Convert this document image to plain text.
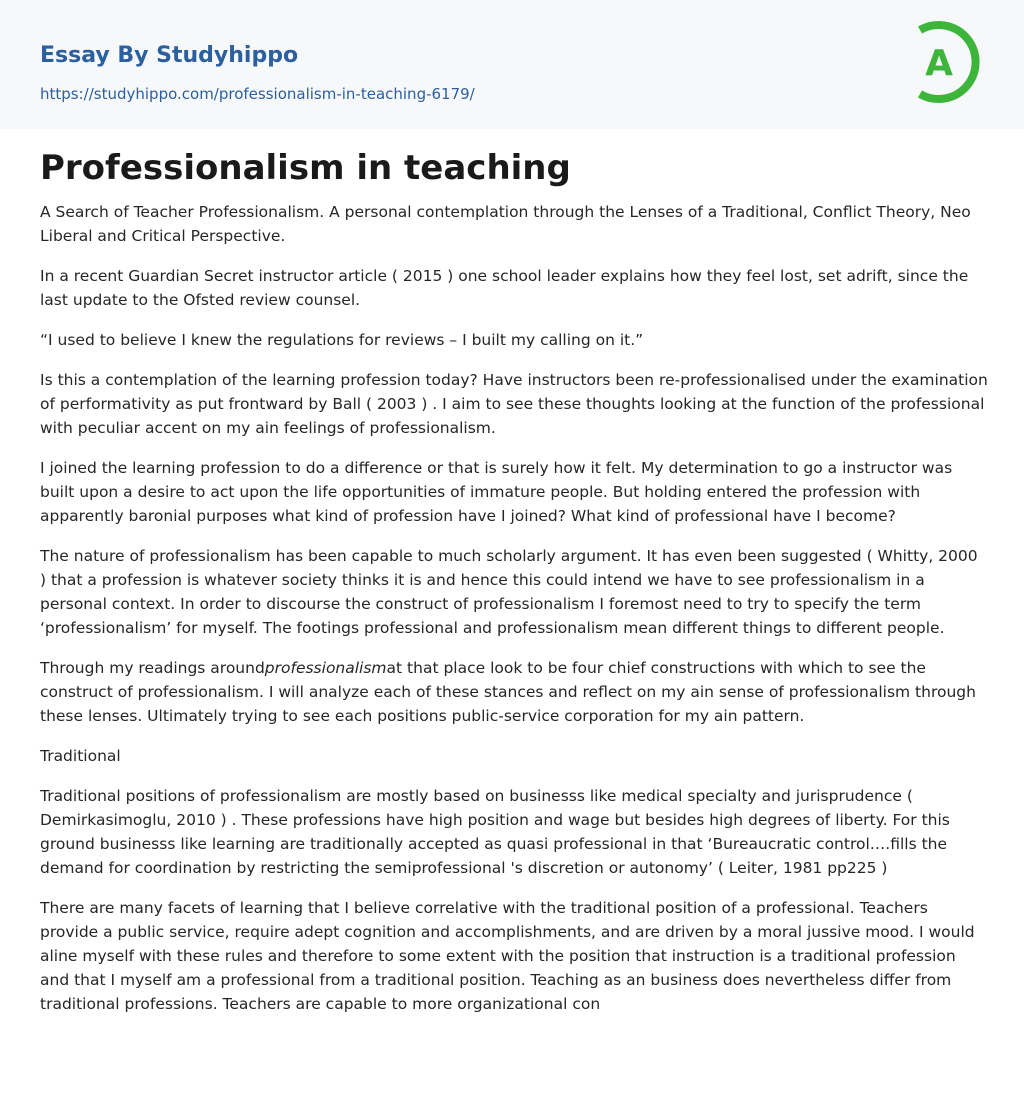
Essay By Studyhippo
https://studyhippo.com/professionalism-in-teaching-6179/
A
Professionalism in teaching

A Search of Teacher Professionalism. A personal contemplation through the Lenses of a Traditional, Conflict Theory, Neo Liberal and Critical Perspective.

In a recent Guardian Secret instructor article ( 2015 ) one school leader explains how they feel lost, set adrift, since the last update to the Ofsted review counsel.

“I used to believe I knew the regulations for reviews – I built my calling on it.”

Is this a contemplation of the learning profession today? Have instructors been re-professionalised under the examination of performativity as put frontward by Ball ( 2003 ) . I aim to see these thoughts looking at the function of the professional with peculiar accent on my ain feelings of professionalism.

I joined the learning profession to do a difference or that is surely how it felt. My determination to go a instructor was built upon a desire to act upon the life opportunities of immature people. But holding entered the profession with apparently baronial purposes what kind of profession have I joined? What kind of professional have I become?

The nature of professionalism has been capable to much scholarly argument. It has even been suggested ( Whitty, 2000 ) that a profession is whatever society thinks it is and hence this could intend we have to see professionalism in a personal context. In order to discourse the construct of professionalism I foremost need to try to specify the term ‘professionalism’ for myself. The footings professional and professionalism mean different things to different people.

Through my readings aroundprofessionalismat that place look to be four chief constructions with which to see the construct of professionalism. I will analyze each of these stances and reflect on my ain sense of professionalism through these lenses. Ultimately trying to see each positions public-service corporation for my ain pattern.

Traditional

Traditional positions of professionalism are mostly based on businesss like medical specialty and jurisprudence ( Demirkasimoglu, 2010 ) . These professions have high position and wage but besides high degrees of liberty. For this ground businesss like learning are traditionally accepted as quasi professional in that ‘Bureaucratic control….fills the demand for coordination by restricting the semiprofessional 's discretion or autonomy’ ( Leiter, 1981 pp225 )

There are many facets of learning that I believe correlative with the traditional position of a professional. Teachers provide a public service, require adept cognition and accomplishments, and are driven by a moral jussive mood. I would aline myself with these rules and therefore to some extent with the position that instruction is a traditional profession and that I myself am a professional from a traditional position. Teaching as an business does nevertheless differ from traditional professions. Teachers are capable to more organizational con
